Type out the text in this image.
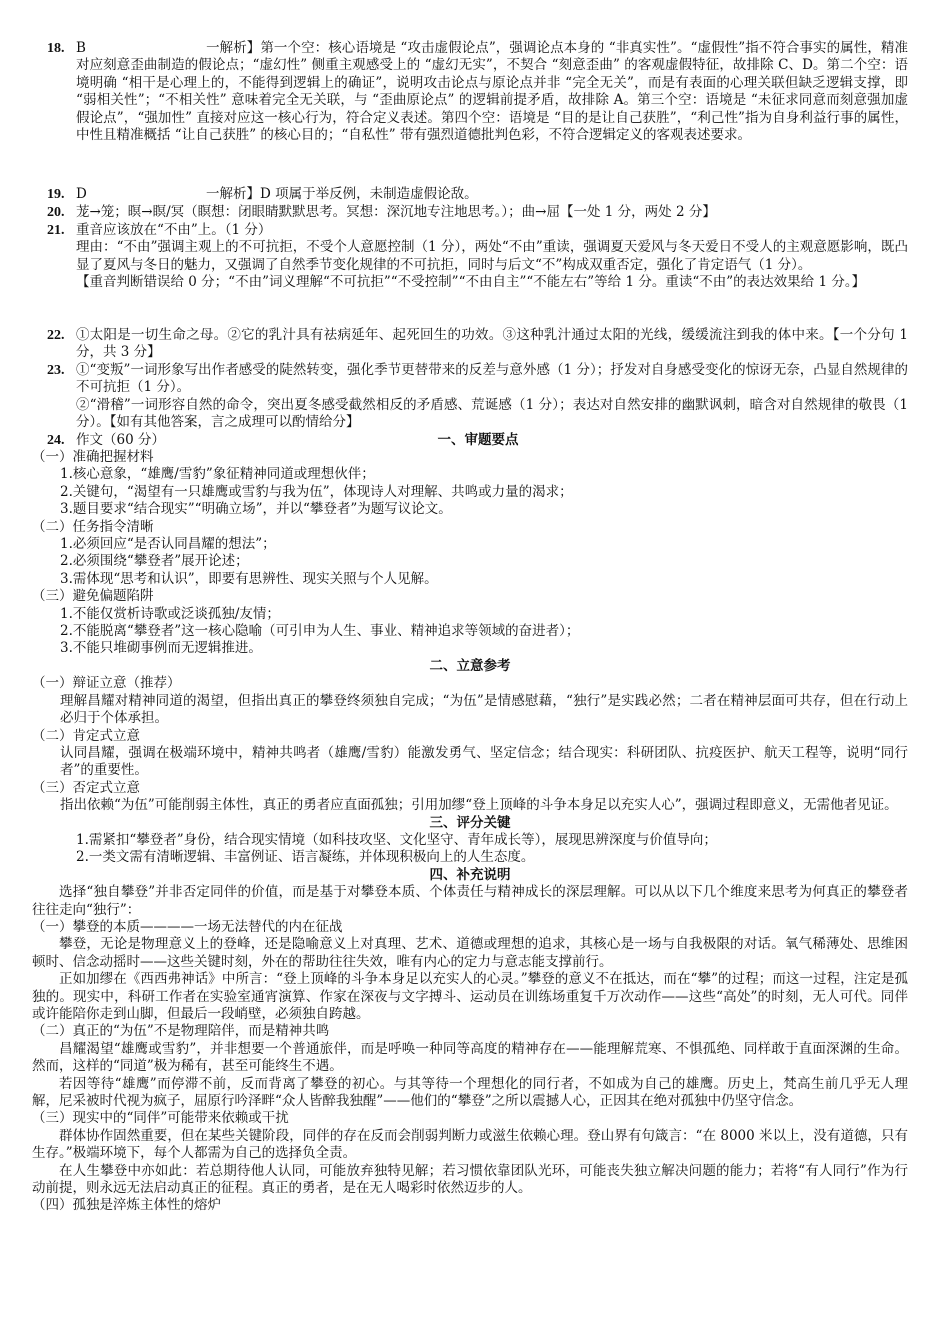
18. B	一解析】第一个空：核心语境是 “攻击虚假论点”，强调论点本身的 “非真实性”。“虚假性”指不符合事实的属性，精准对应刻意歪曲制造的假论点；“虚幻性” 侧重主观感受上的 “虚幻无实”，不契合 “刻意歪曲” 的客观虚假特征，故排除 C、D。第二个空：语境明确 “相干是心理上的，不能得到逻辑上的确证”，说明攻击论点与原论点并非 “完全无关”，而是有表面的心理关联但缺乏逻辑支撑，即 “弱相关性”；“不相关性” 意味着完全无关联，与 “歪曲原论点” 的逻辑前提矛盾，故排除 A。第三个空：语境是 “未征求同意而刻意强加虚假论点”，“强加性” 直接对应这一核心行为，符合定义表述。第四个空：语境是 “目的是让自己获胜”，“利己性”指为自身利益行事的属性，中性且精准概括 “让自己获胜” 的核心目的；“自私性” 带有强烈道德批判色彩，不符合逻辑定义的客观表述要求。
19. D	一解析】D 项属于举反例，未制造虚假论敌。
20. 茏→笼；暝→瞑/冥（瞑想：闭眼睛默默思考。冥想：深沉地专注地思考。）；曲→屈【一处 1 分，两处 2 分】
21. 重音应该放在“不由”上。（1 分）

理由：“不由”强调主观上的不可抗拒，不受个人意愿控制（1 分），两处“不由”重读，强调夏天爱风与冬天爱日不受人的主观意愿影响，既凸显了夏风与冬日的魅力，又强调了自然季节变化规律的不可抗拒，同时与后文“不”构成双重否定，强化了肯定语气（1 分）。

【重音判断错误给 0 分；“不由”词义理解“不可抗拒”“不受控制”“不由自主”“不能左右”等给 1 分。重读“不由”的表达效果给 1 分。】

22. ①太阳是一切生命之母。②它的乳汁具有祛病延年、起死回生的功效。③这种乳汁通过太阳的光线，缓缓流注到我的体中来。【一个分句 1 分，共 3 分】
23. ①“变叛”一词形象写出作者感受的陡然转变，强化季节更替带来的反差与意外感（1 分）；抒发对自身感受变化的惊讶无奈，凸显自然规律的不可抗拒（1 分）。

②“滑稽”一词形容自然的命令，突出夏冬感受截然相反的矛盾感、荒诞感（1 分）；表达对自然安排的幽默讽刺，暗含对自然规律的敬畏（1 分）。【如有其他答案，言之成理可以酌情给分】

24. 作文（60 分）	一、审题要点

（一）准确把握材料

1.核心意象，“雄鹰/雪豹”象征精神同道或理想伙伴；

2.关键句，“渴望有一只雄鹰或雪豹与我为伍”，体现诗人对理解、共鸣或力量的渴求；

3.题目要求“结合现实”“明确立场”，并以“攀登者”为题写议论文。

（二）任务指令清晰

1.必须回应“是否认同昌耀的想法”；

2.必须围绕“攀登者”展开论述；

3.需体现“思考和认识”，即要有思辨性、现实关照与个人见解。

（三）避免偏题陷阱

1.不能仅赏析诗歌或泛谈孤独/友情；

2.不能脱离“攀登者”这一核心隐喻（可引申为人生、事业、精神追求等领域的奋进者）；

3.不能只堆砌事例而无逻辑推进。

二、立意参考

（一）辩证立意（推荐）

理解昌耀对精神同道的渴望，但指出真正的攀登终须独自完成；“为伍”是情感慰藉，“独行”是实践必然；二者在精神层面可共存，但在行动上必归于个体承担。

（二）肯定式立意

认同昌耀，强调在极端环境中，精神共鸣者（雄鹰/雪豹）能激发勇气、坚定信念；结合现实：科研团队、抗疫医护、航天工程等，说明“同行者”的重要性。

（三）否定式立意

指出依赖“为伍”可能削弱主体性，真正的勇者应直面孤独；引用加缪“登上顶峰的斗争本身足以充实人心”，强调过程即意义，无需他者见证。

三、评分关键

1.需紧扣“攀登者”身份，结合现实情境（如科技攻坚、文化坚守、青年成长等），展现思辨深度与价值导向；

2.一类文需有清晰逻辑、丰富例证、语言凝练，并体现积极向上的人生态度。

四、补充说明

选择“独自攀登”并非否定同伴的价值，而是基于对攀登本质、个体责任与精神成长的深层理解。可以从以下几个维度来思考为何真正的攀登者往往走向“独行”：

（一）攀登的本质————一场无法替代的内在征战

攀登，无论是物理意义上的登峰，还是隐喻意义上对真理、艺术、道德或理想的追求，其核心是一场与自我极限的对话。氧气稀薄处、思维困顿时、信念动摇时——这些关键时刻，外在的帮助往往失效，唯有内心的定力与意志能支撑前行。

正如加缪在《西西弗神话》中所言：“登上顶峰的斗争本身足以充实人的心灵。”攀登的意义不在抵达，而在“攀”的过程；而这一过程，注定是孤独的。现实中，科研工作者在实验室通宵演算、作家在深夜与文字搏斗、运动员在训练场重复千万次动作——这些“高处”的时刻，无人可代。同伴或许能陪你走到山脚，但最后一段峭壁，必须独自跨越。

（二）真正的“为伍”不是物理陪伴，而是精神共鸣

昌耀渴望“雄鹰或雪豹”，并非想要一个普通旅伴，而是呼唤一种同等高度的精神存在——能理解荒寒、不惧孤绝、同样敢于直面深渊的生命。然而，这样的“同道”极为稀有，甚至可能终生不遇。

若因等待“雄鹰”而停滞不前，反而背离了攀登的初心。与其等待一个理想化的同行者，不如成为自己的雄鹰。历史上，梵高生前几乎无人理解，尼采被时代视为疯子，屈原行吟泽畔“众人皆醉我独醒”——他们的“攀登”之所以震撼人心，正因其在绝对孤独中仍坚守信念。

（三）现实中的“同伴”可能带来依赖或干扰

群体协作固然重要，但在某些关键阶段，同伴的存在反而会削弱判断力或滋生依赖心理。登山界有句箴言：“在 8000 米以上，没有道德，只有生存。”极端环境下，每个人都需为自己的选择负全责。

在人生攀登中亦如此：若总期待他人认同，可能放弃独特见解；若习惯依靠团队光环，可能丧失独立解决问题的能力；若将“有人同行”作为行动前提，则永远无法启动真正的征程。真正的勇者，是在无人喝彩时依然迈步的人。

（四）孤独是淬炼主体性的熔炉
